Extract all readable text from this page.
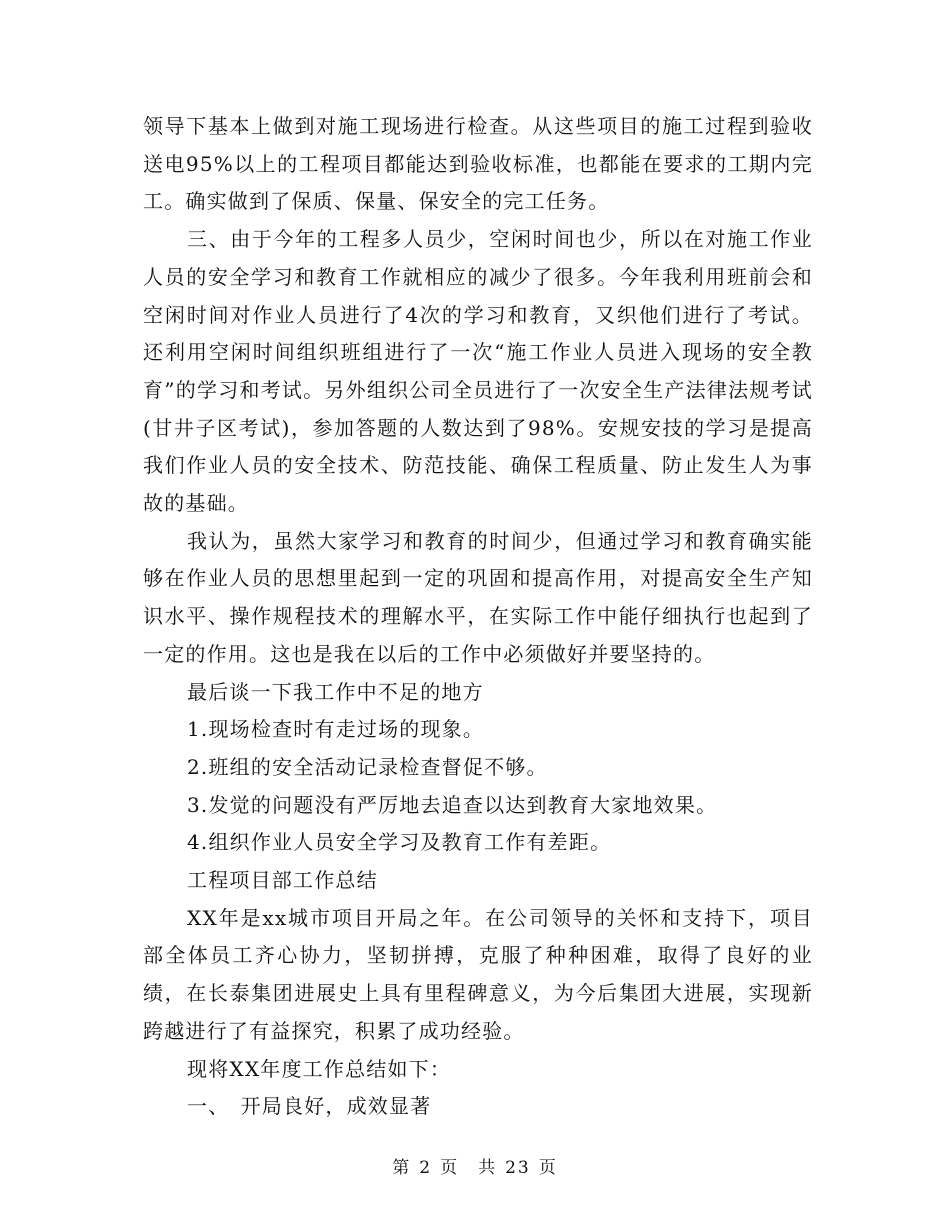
领导下基本上做到对施工现场进行检查。从这些项目的施工过程到验收送电95%以上的工程项目都能达到验收标准，也都能在要求的工期内完工。确实做到了保质、保量、保安全的完工任务。

三、由于今年的工程多人员少，空闲时间也少，所以在对施工作业人员的安全学习和教育工作就相应的减少了很多。今年我利用班前会和空闲时间对作业人员进行了4次的学习和教育，又织他们进行了考试。还利用空闲时间组织班组进行了一次“施工作业人员进入现场的安全教育”的学习和考试。另外组织公司全员进行了一次安全生产法律法规考试(甘井子区考试)，参加答题的人数达到了98%。安规安技的学习是提高我们作业人员的安全技术、防范技能、确保工程质量、防止发生人为事故的基础。

我认为，虽然大家学习和教育的时间少，但通过学习和教育确实能够在作业人员的思想里起到一定的巩固和提高作用，对提高安全生产知识水平、操作规程技术的理解水平，在实际工作中能仔细执行也起到了一定的作用。这也是我在以后的工作中必须做好并要坚持的。

最后谈一下我工作中不足的地方

1.现场检查时有走过场的现象。

2.班组的安全活动记录检查督促不够。

3.发觉的问题没有严厉地去追查以达到教育大家地效果。

4.组织作业人员安全学习及教育工作有差距。

工程项目部工作总结

XX年是xx城市项目开局之年。在公司领导的关怀和支持下，项目部全体员工齐心协力，坚韧拼搏，克服了种种困难，取得了良好的业绩，在长泰集团进展史上具有里程碑意义，为今后集团大进展，实现新跨越进行了有益探究，积累了成功经验。

现将XX年度工作总结如下：

一、　开局良好，成效显著

第 2 页　共 23 页
